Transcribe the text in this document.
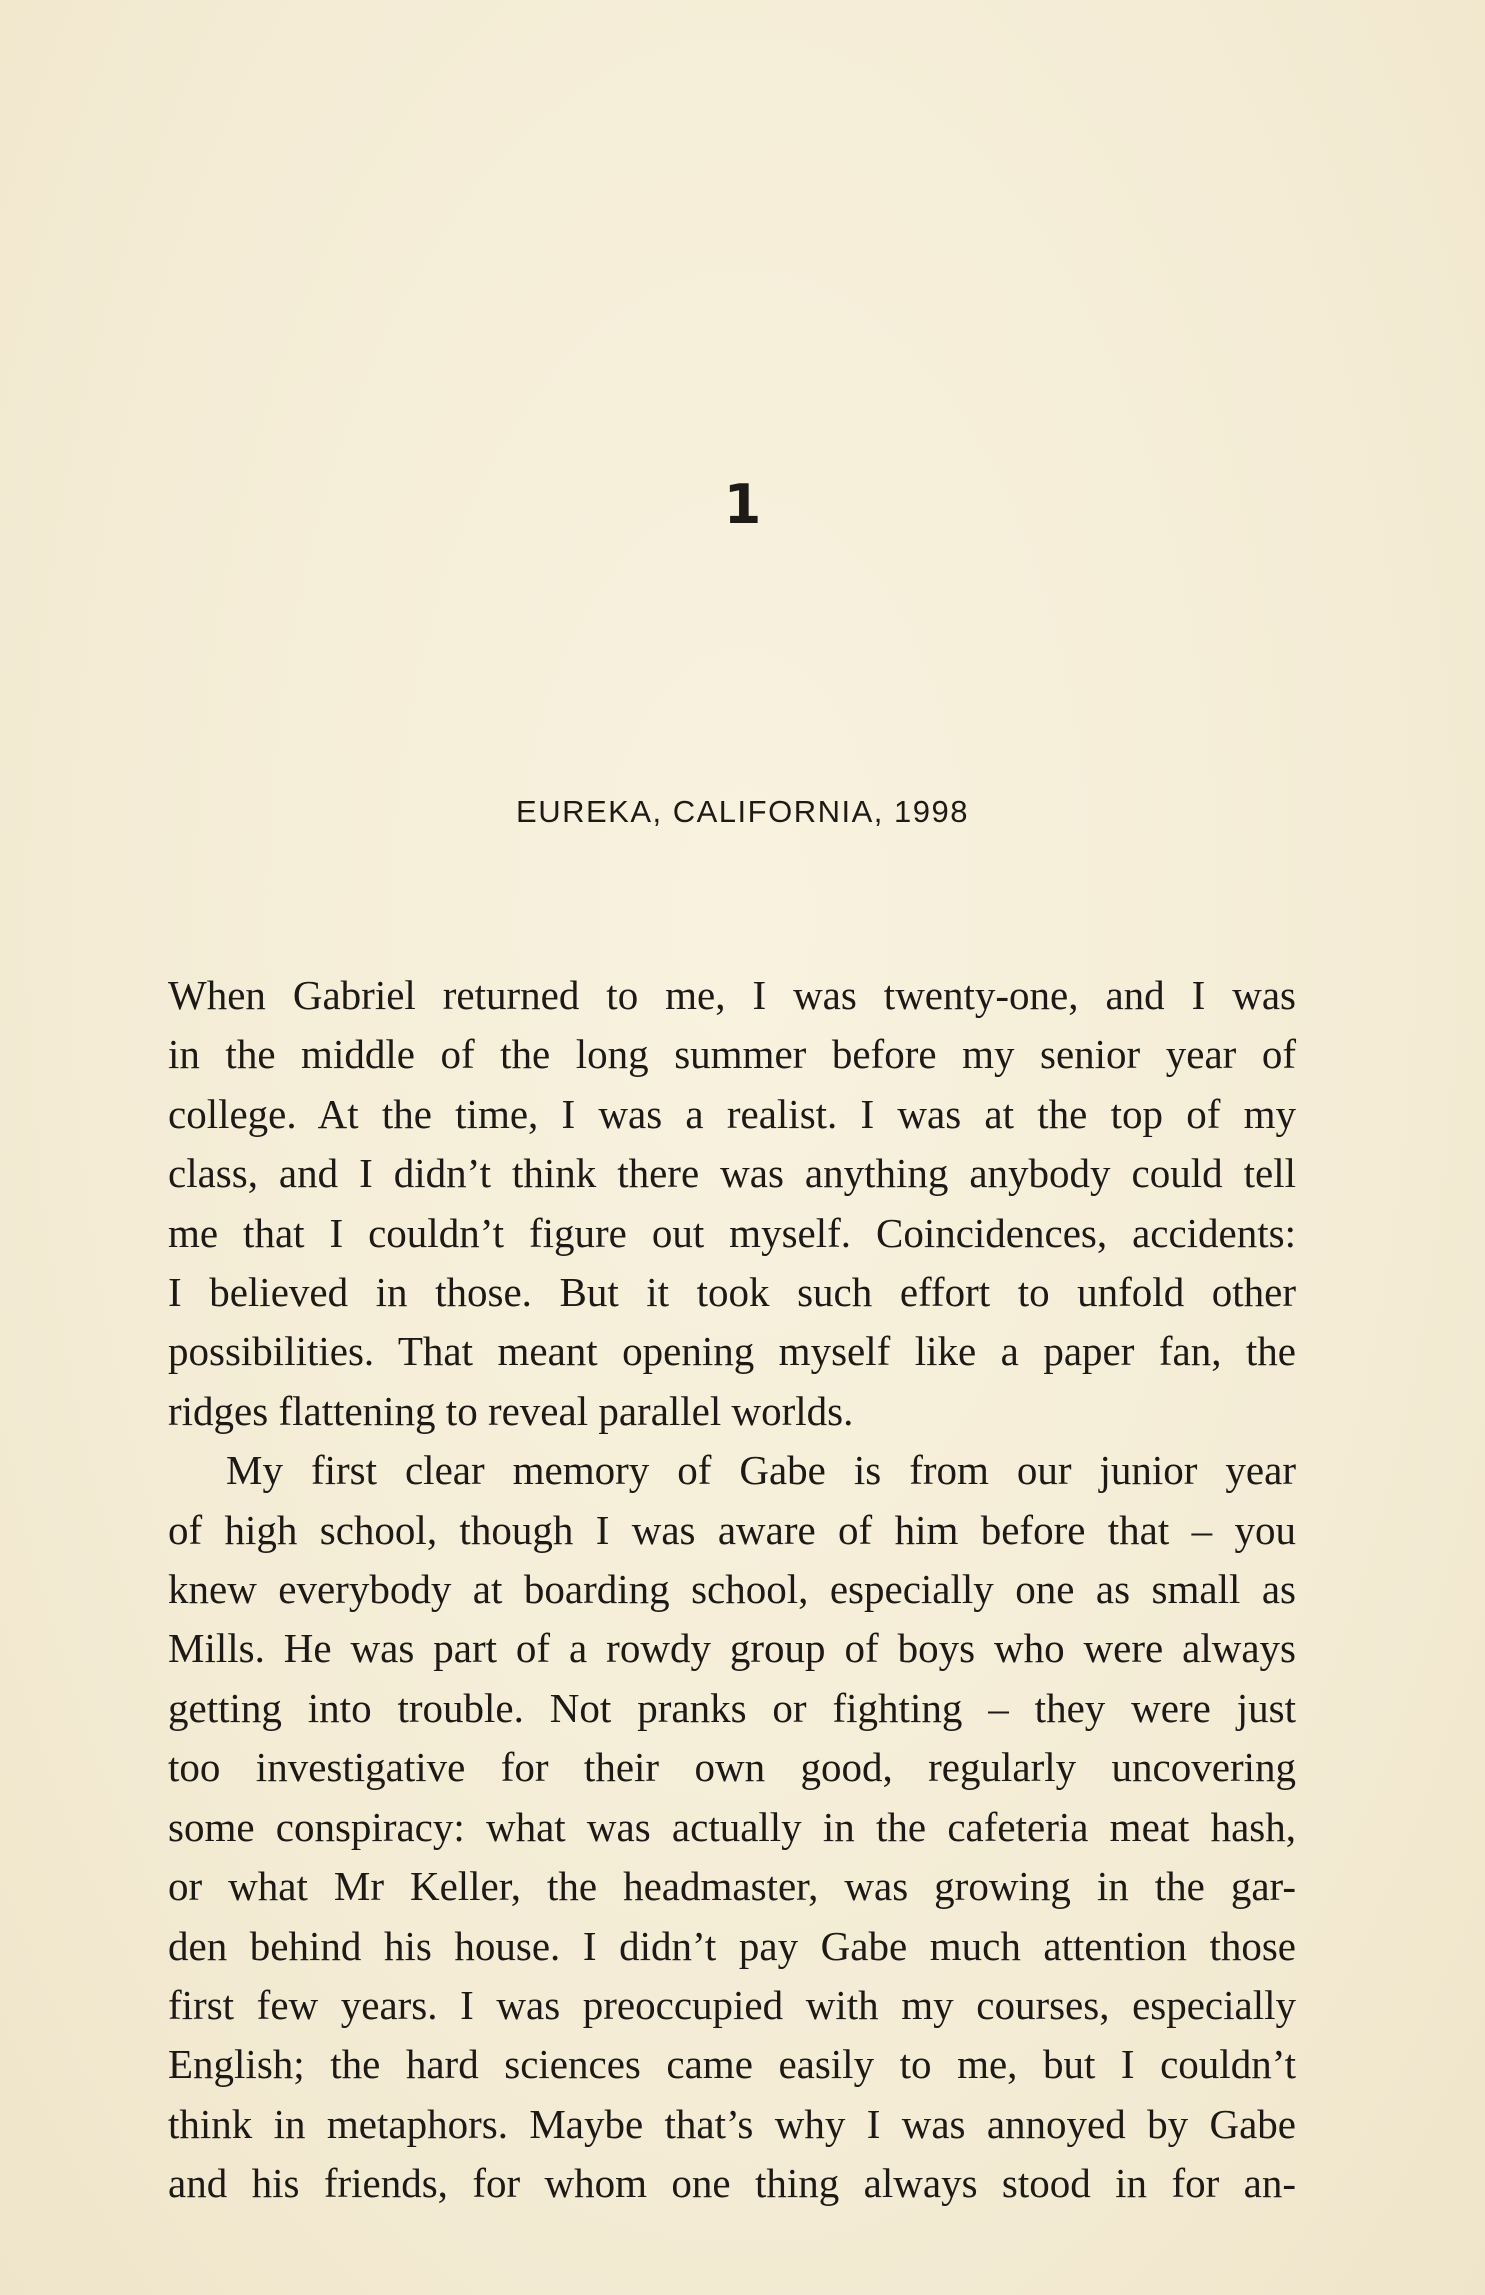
1
EUREKA, CALIFORNIA, 1998
When Gabriel returned to me, I was twenty-one, and I was
in the middle of the long summer before my senior year of
college. At the time, I was a realist. I was at the top of my
class, and I didn’t think there was anything anybody could tell
me that I couldn’t figure out myself. Coincidences, accidents:
I believed in those. But it took such effort to unfold other
possibilities. That meant opening myself like a paper fan, the
ridges flattening to reveal parallel worlds.
My first clear memory of Gabe is from our junior year
of high school, though I was aware of him before that – you
knew everybody at boarding school, especially one as small as
Mills. He was part of a rowdy group of boys who were always
getting into trouble. Not pranks or fighting – they were just
too investigative for their own good, regularly uncovering
some conspiracy: what was actually in the cafeteria meat hash,
or what Mr Keller, the headmaster, was growing in the gar-
den behind his house. I didn’t pay Gabe much attention those
first few years. I was preoccupied with my courses, especially
English; the hard sciences came easily to me, but I couldn’t
think in metaphors. Maybe that’s why I was annoyed by Gabe
and his friends, for whom one thing always stood in for an-
